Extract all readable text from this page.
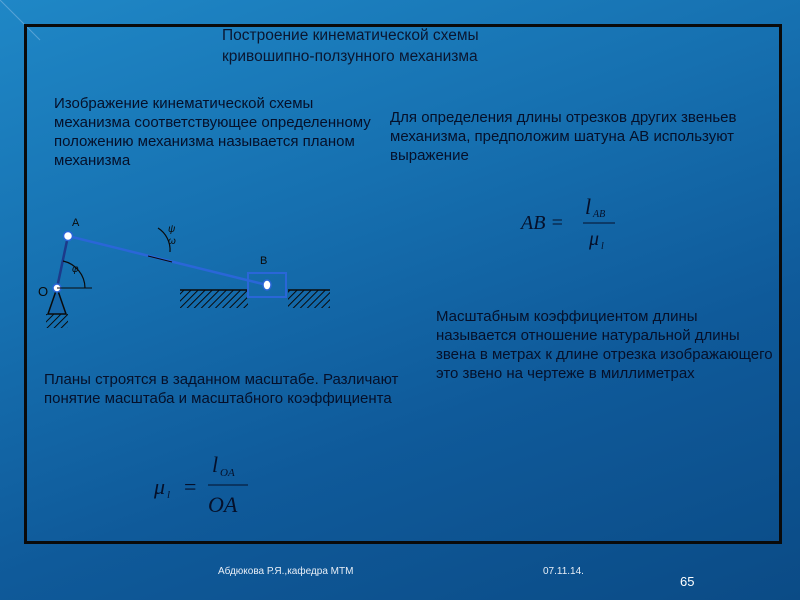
Построение кинематической схемы
кривошипно-ползунного механизма
Изображение кинематической схемы механизма соответствующее определенному положению механизма называется планом механизма
Для определения длины отрезков других звеньев механизма, предположим шатуна АВ используют выражение
Масштабным коэффициентом длины называется отношение натуральной длины звена в метрах к длине отрезка изображающего это звено на чертеже в миллиметрах
Планы строятся в заданном масштабе. Различают понятие масштаба и масштабного коэффициента
AB =
l AB
μ l
μ l =
l OA
OA
φ
ψ
ω
A
B
O
Абдюкова Р.Я.,кафедра МТМ	07.11.14.
65
